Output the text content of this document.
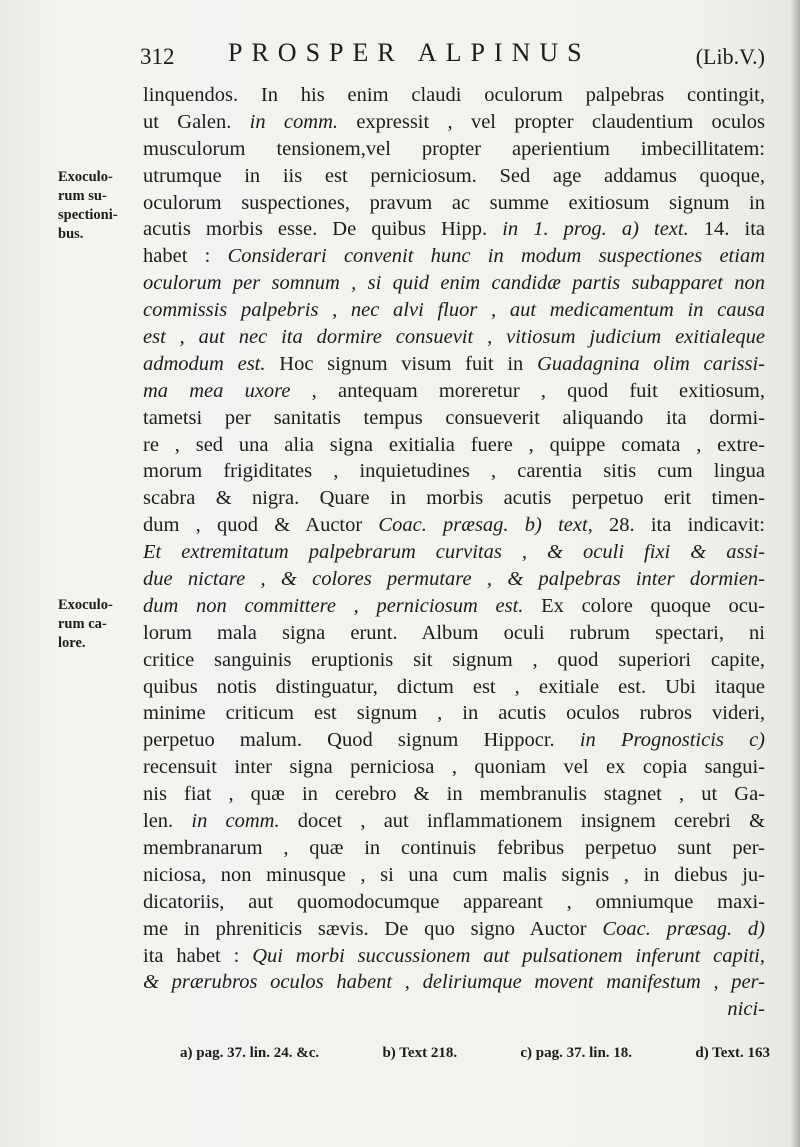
312 PROSPER ALPINUS	(Lib.V.)
Exoculo-
rum su-
spectioni-
bus.
Exoculo-
rum ca-
lore.
linquendos. In his enim claudi oculorum palpebras contingit,
ut Galen. in comm. expressit , vel propter claudentium oculos
musculorum tensionem,vel propter aperientium imbecillitatem:
utrumque in iis est perniciosum. Sed age addamus quoque,
oculorum suspectiones, pravum ac summe exitiosum signum in
acutis morbis esse. De quibus Hipp. in 1. prog. a) text. 14. ita
habet : Considerari convenit hunc in modum suspectiones etiam
oculorum per somnum , si quid enim candidæ partis subapparet non
commissis palpebris , nec alvi fluor , aut medicamentum in causa
est , aut nec ita dormire consuevit , vitiosum judicium exitialeque
admodum est. Hoc signum visum fuit in Guadagnina olim carissi-
ma mea uxore , antequam moreretur , quod fuit exitiosum,
tametsi per sanitatis tempus consueverit aliquando ita dormi-
re , sed una alia signa exitialia fuere , quippe comata , extre-
morum frigiditates , inquietudines , carentia sitis cum lingua
scabra & nigra. Quare in morbis acutis perpetuo erit timen-
dum , quod & Auctor Coac. præsag. b) text, 28. ita indicavit:
Et extremitatum palpebrarum curvitas , & oculi fixi & assi-
due nictare , & colores permutare , & palpebras inter dormien-
dum non committere , perniciosum est. Ex colore quoque ocu-
lorum mala signa erunt. Album oculi rubrum spectari, ni
critice sanguinis eruptionis sit signum , quod superiori capite,
quibus notis distinguatur, dictum est , exitiale est. Ubi itaque
minime criticum est signum , in acutis oculos rubros videri,
perpetuo malum. Quod signum Hippocr. in Prognosticis c)
recensuit inter signa perniciosa , quoniam vel ex copia sangui-
nis fiat , quæ in cerebro & in membranulis stagnet , ut Ga-
len. in comm. docet , aut inflammationem insignem cerebri &
membranarum , quæ in continuis febribus perpetuo sunt per-
niciosa, non minusque , si una cum malis signis , in diebus ju-
dicatoriis, aut quomodocumque appareant , omniumque maxi-
me in phreniticis sævis. De quo signo Auctor Coac. præsag. d)
ita habet : Qui morbi succussionem aut pulsationem inferunt capiti,
& prærubros oculos habent , deliriumque movent manifestum , per-
nici-
a) pag. 37. lin. 24. &c.	b) Text 218.	c) pag. 37. lin. 18.	d) Text. 163
